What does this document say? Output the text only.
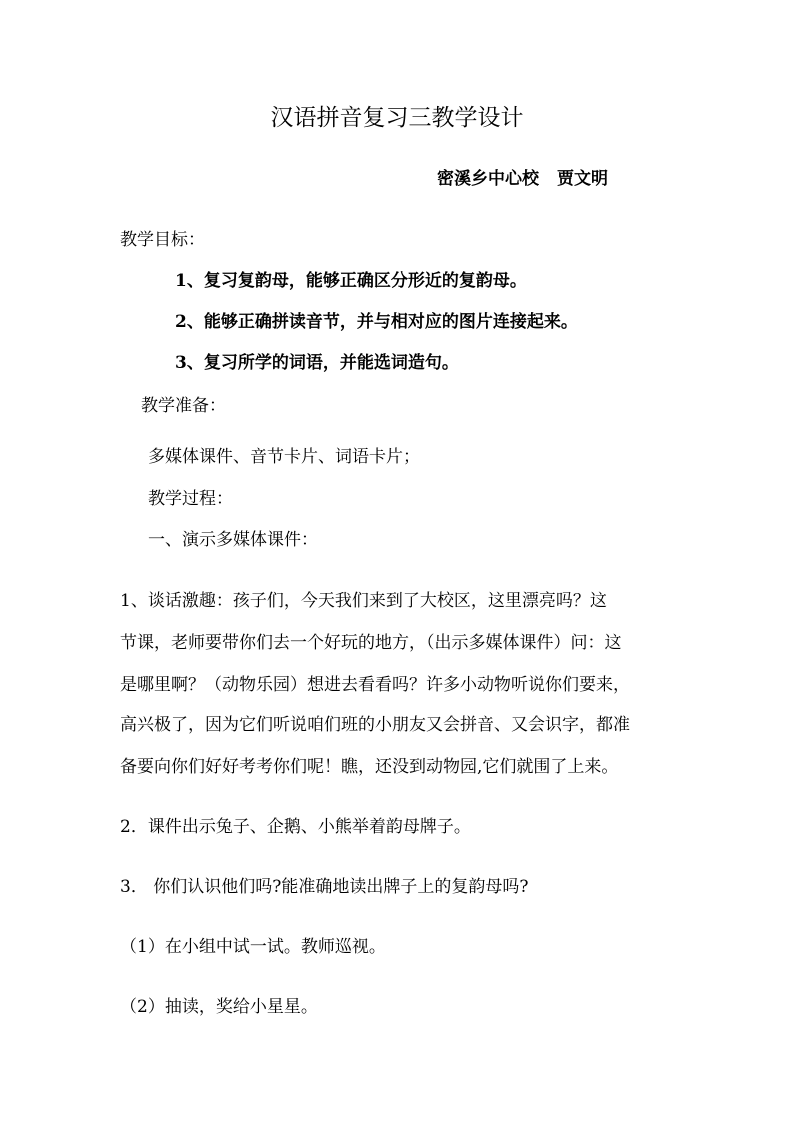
汉语拼音复习三教学设计
密溪乡中心校 贾文明
教学目标：
1、复习复韵母，能够正确区分形近的复韵母。
2、能够正确拼读音节，并与相对应的图片连接起来。
3、复习所学的词语，并能选词造句。
教学准备：
多媒体课件、音节卡片、词语卡片；
教学过程：
一、演示多媒体课件：
1、谈话激趣：孩子们，今天我们来到了大校区，这里漂亮吗？这
节课，老师要带你们去一个好玩的地方，（出示多媒体课件）问：这
是哪里啊？（动物乐园）想进去看看吗？许多小动物听说你们要来，
高兴极了，因为它们听说咱们班的小朋友又会拼音、又会识字，都准
备要向你们好好考考你们呢！瞧，还没到动物园,它们就围了上来。
2．课件出示兔子、企鹅、小熊举着韵母牌子。
3． 你们认识他们吗?能准确地读出牌子上的复韵母吗?
（1）在小组中试一试。教师巡视。
（2）抽读，奖给小星星。
